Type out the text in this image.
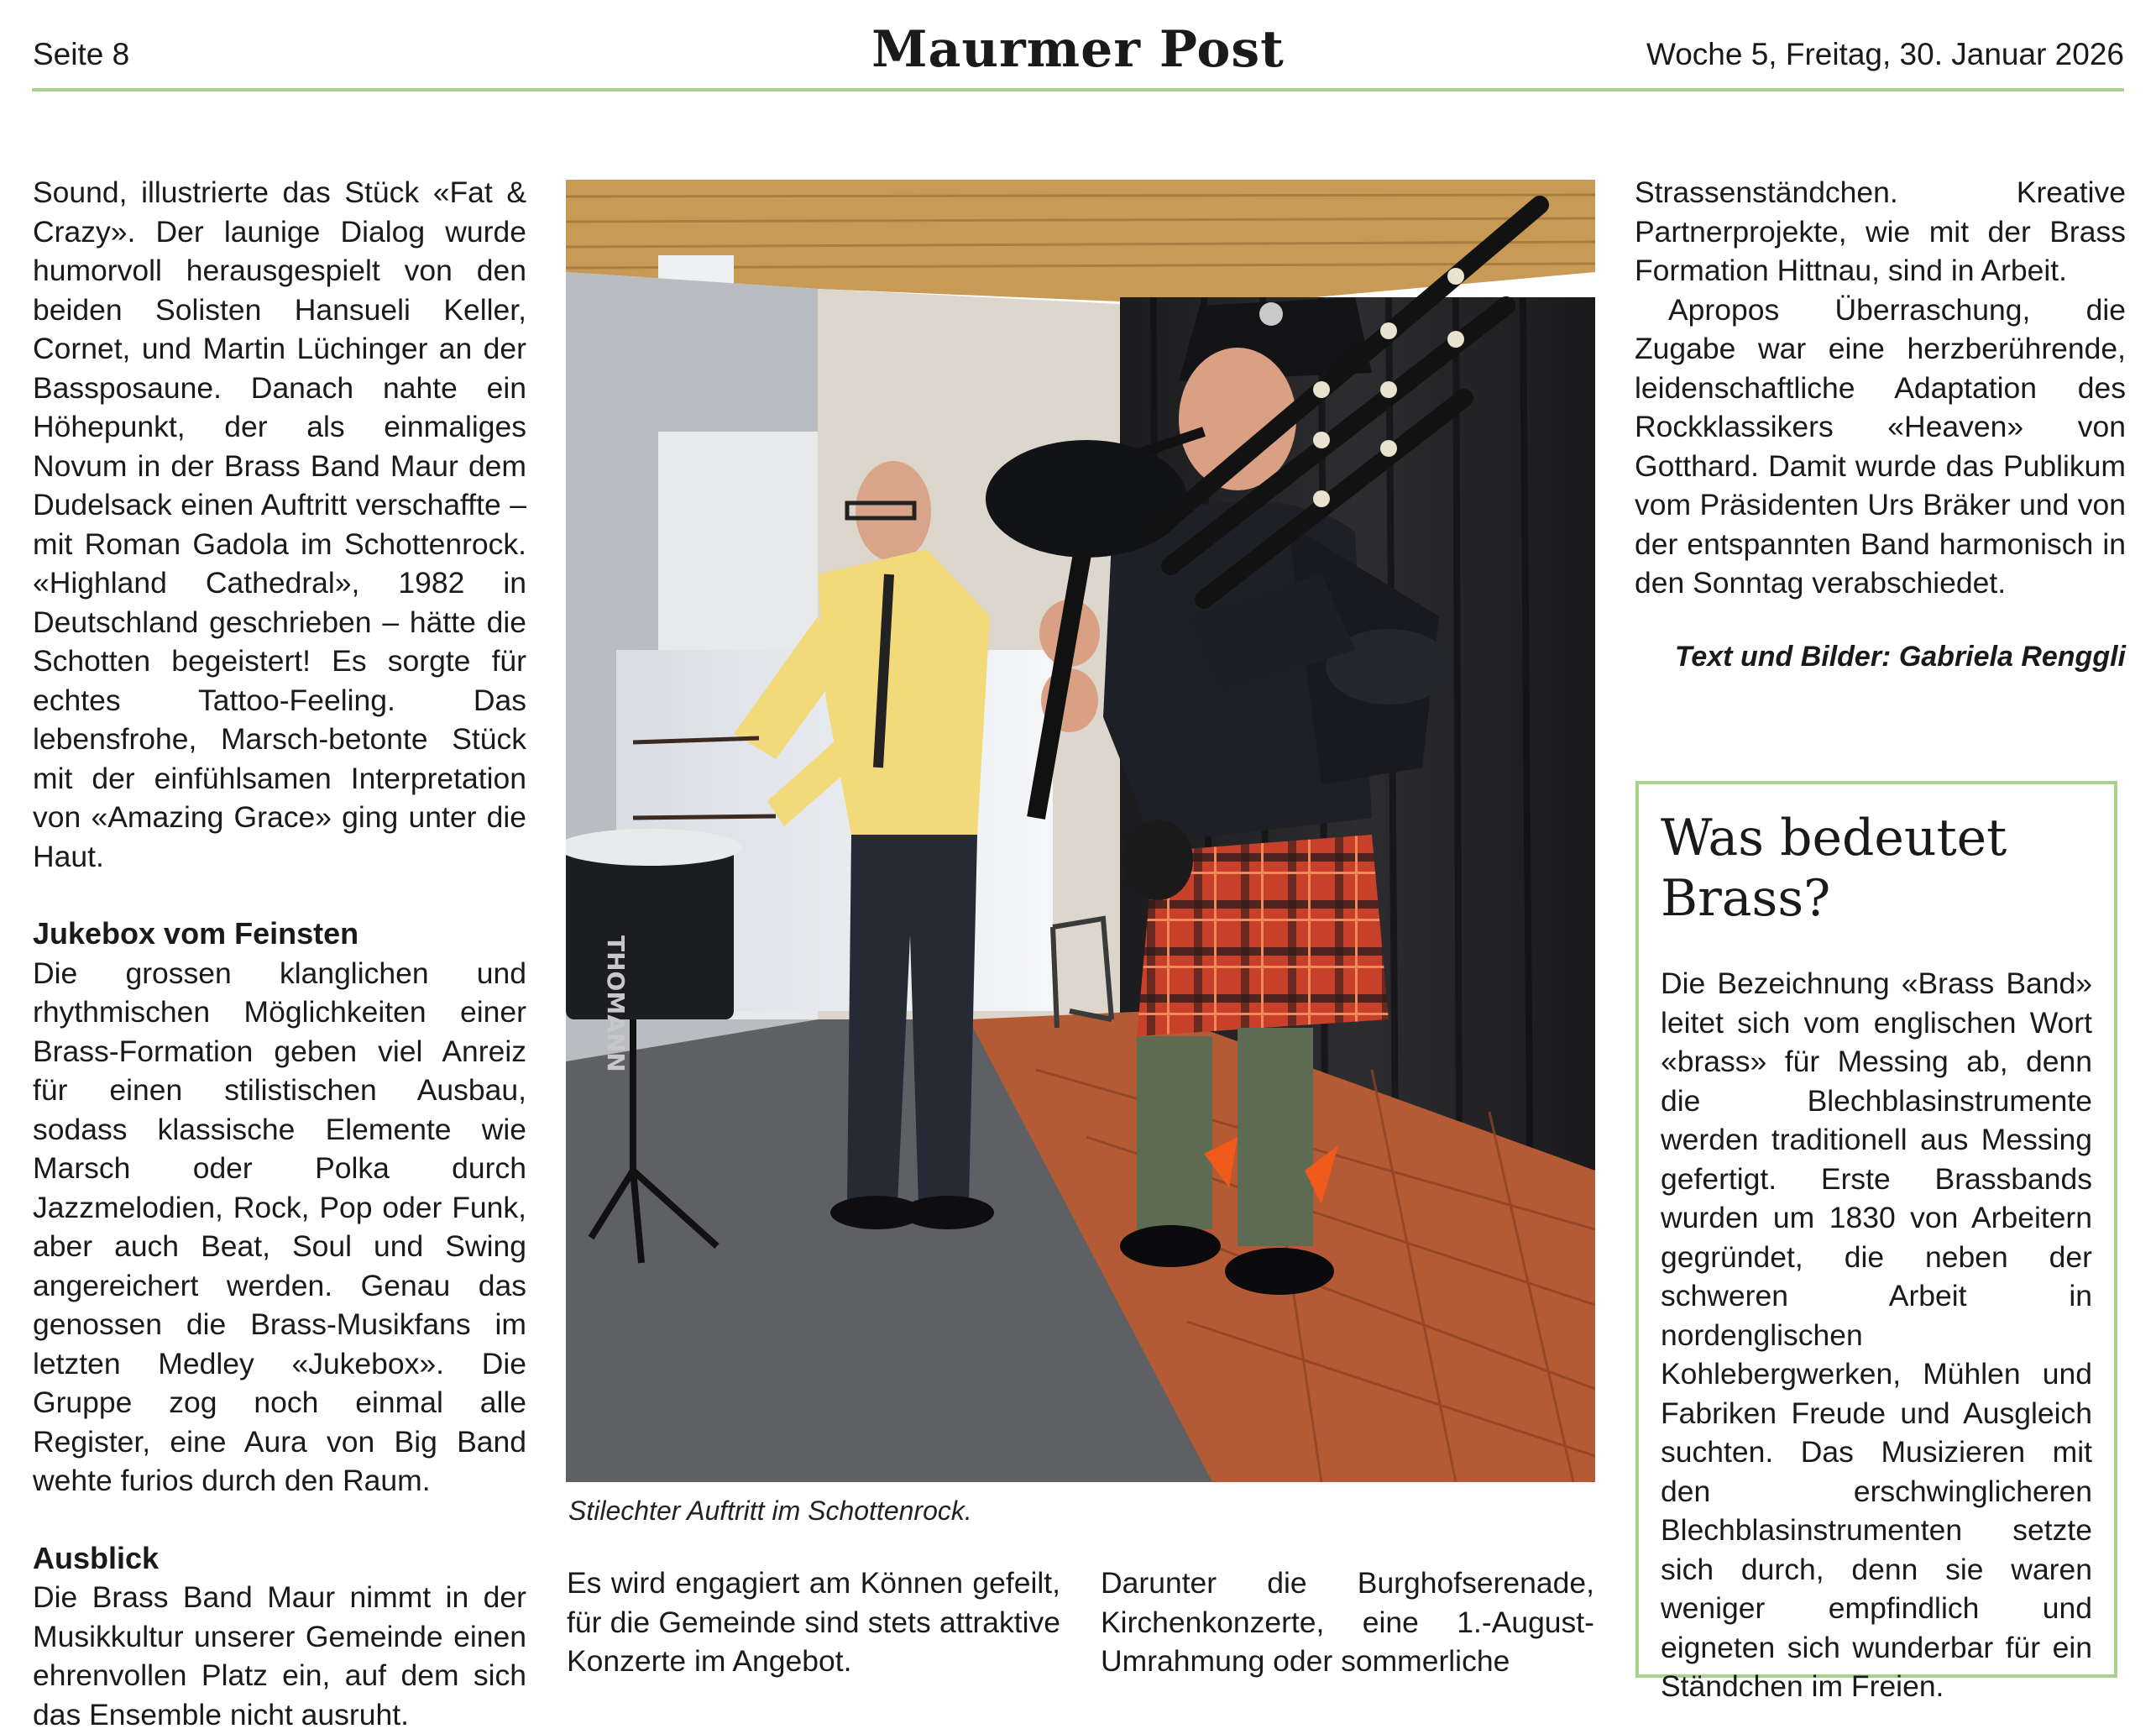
Seite 8	Maurmer Post	Woche 5, Freitag, 30. Januar 2026

Sound, illustrierte das Stück «Fat & Crazy». Der launige Dialog wurde humorvoll herausgespielt von den beiden Solisten Hansueli Keller, Cornet, und Martin Lüchinger an der Bassposaune. Danach nahte ein Höhepunkt, der als einmaliges Novum in der Brass Band Maur dem Dudelsack einen Auftritt verschaffte – mit Roman Gadola im Schottenrock. «Highland Cathedral», 1982 in Deutschland geschrieben – hätte die Schotten begeistert! Es sorgte für echtes Tattoo-Feeling. Das lebensfrohe, Marsch-betonte Stück mit der einfühlsamen Interpretation von «Amazing Grace» ging unter die Haut.

Jukebox vom Feinsten

Die grossen klanglichen und rhythmischen Möglichkeiten einer Brass-Formation geben viel Anreiz für einen stilistischen Ausbau, sodass klassische Elemente wie Marsch oder Polka durch Jazzmelodien, Rock, Pop oder Funk, aber auch Beat, Soul und Swing angereichert werden. Genau das genossen die Brass-Musikfans im letzten Medley «Jukebox». Die Gruppe zog noch einmal alle Register, eine Aura von Big Band wehte furios durch den Raum.

Ausblick

Die Brass Band Maur nimmt in der Musikkultur unserer Gemeinde einen ehrenvollen Platz ein, auf dem sich das Ensemble nicht ausruht.

THOMANN
Stilechter Auftritt im Schottenrock.

Es wird engagiert am Können gefeilt, für die Gemeinde sind stets attraktive Konzerte im Angebot.

Darunter die Burghofserenade, Kirchenkonzerte, eine 1.-August-Umrahmung oder sommerliche

Strassenständchen. Kreative Partnerprojekte, wie mit der Brass Formation Hittnau, sind in Arbeit.

Apropos Überraschung, die Zugabe war eine herzberührende, leidenschaftliche Adaptation des Rockklassikers «Heaven» von Gotthard. Damit wurde das Publikum vom Präsidenten Urs Bräker und von der entspannten Band harmonisch in den Sonntag verabschiedet.

Text und Bilder: Gabriela Renggli
Was bedeutet Brass?

Die Bezeichnung «Brass Band» leitet sich vom englischen Wort «brass» für Messing ab, denn die Blechblasinstrumente werden traditionell aus Messing gefertigt. Erste Brassbands wurden um 1830 von Arbeitern gegründet, die neben der schweren Arbeit in nordenglischen Kohlebergwerken, Mühlen und Fabriken Freude und Ausgleich suchten. Das Musizieren mit den erschwinglicheren Blechblasinstrumenten setzte sich durch, denn sie waren weniger empfindlich und eigneten sich wunderbar für ein Ständchen im Freien.
